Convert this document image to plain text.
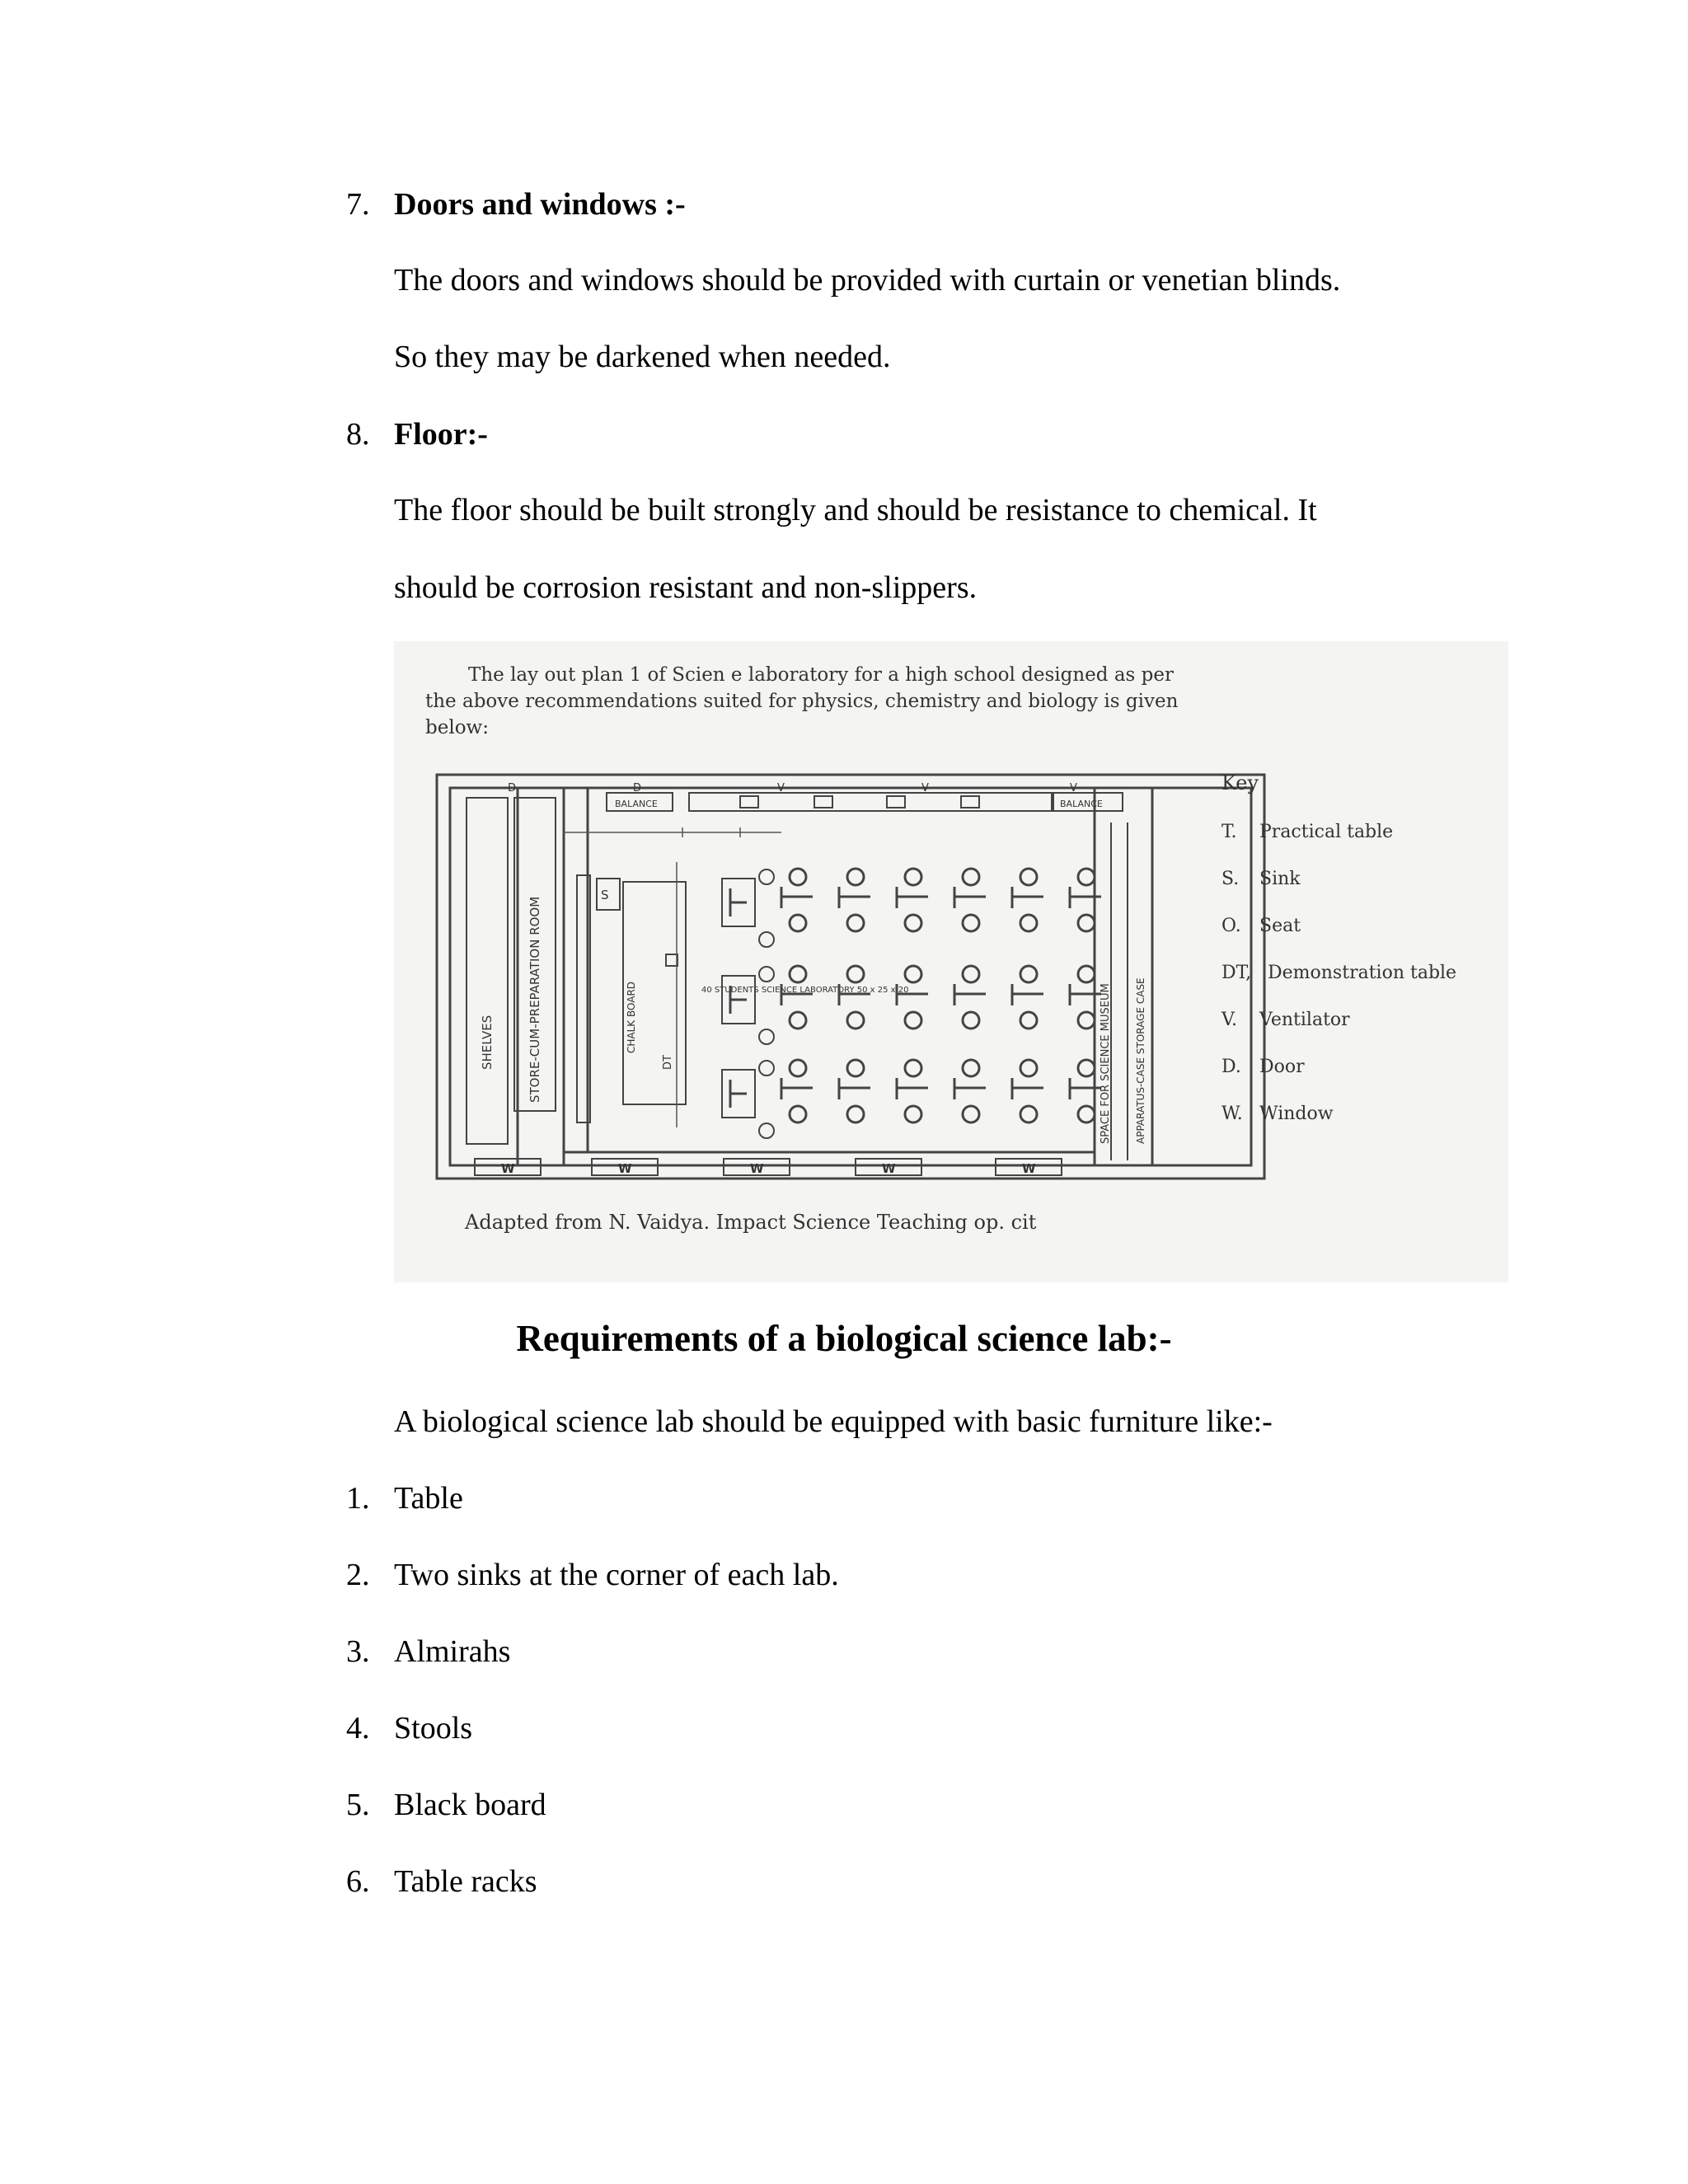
7. Doors and windows :-
The doors and windows should be provided with curtain or venetian blinds.
So they may be darkened when needed.
8. Floor:-
The floor should be built strongly and should be resistance to chemical. It
should be corrosion resistant and non-slippers.
The lay out plan 1 of Scien e laboratory for a high school designed as per
the above recommendations suited for physics, chemistry and biology is given
below:
SHELVES	STORE-CUM-PREPARATION ROOM
BALANCE	BALANCE
D	D	V	V	V
S
CHALK BOARD
DT
40 STUDENTS SCIENCE LABORATORY 50 x 25 x 20	SPACE FOR SCIENCE MUSEUM APPARATUS-CASE STORAGE CASE
W	W	W	W	W
Key
T. Practical table
S. Sink
O. Seat
DT, Demonstration table
V. Ventilator
D. Door
W. Window
Adapted from N. Vaidya. Impact Science Teaching op. cit
Requirements of a biological science lab:-
A biological science lab should be equipped with basic furniture like:-
1. Table
2. Two sinks at the corner of each lab.
3. Almirahs
4. Stools
5. Black board
6. Table racks
